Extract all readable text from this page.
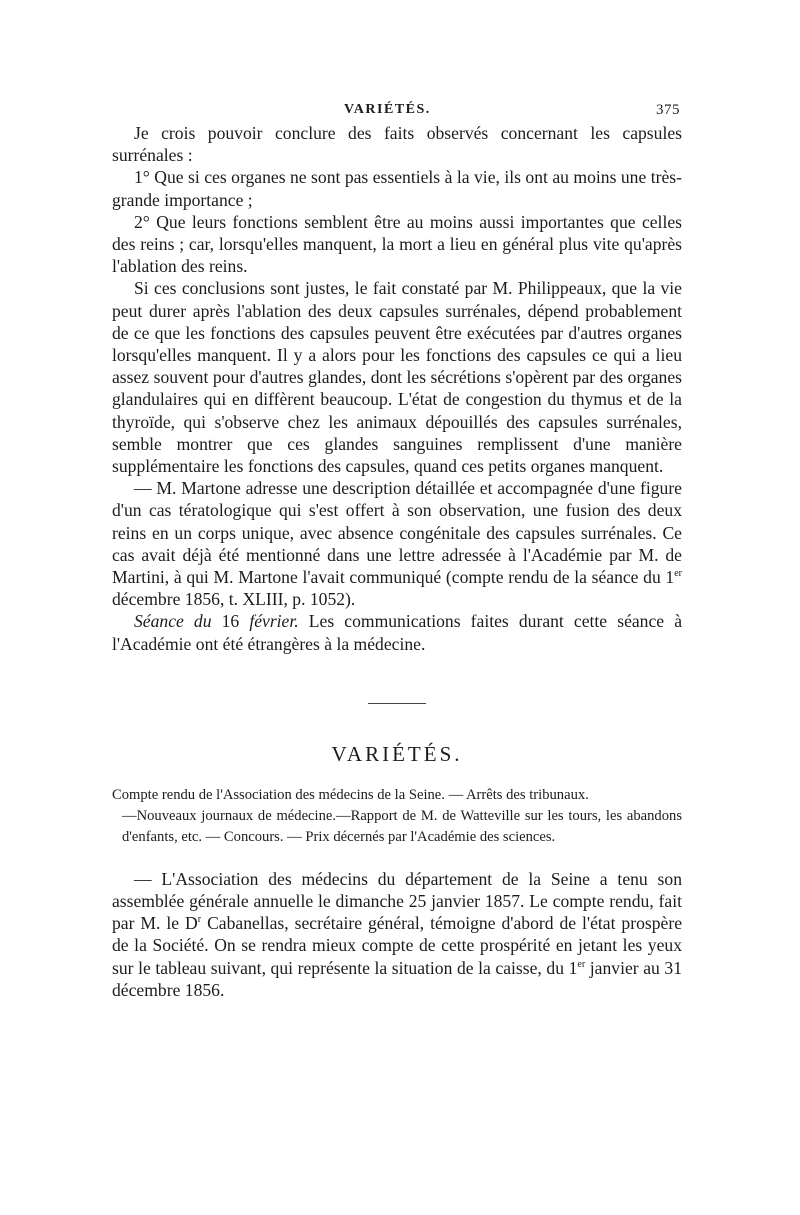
VARIÉTÉS.	375

Je crois pouvoir conclure des faits observés concernant les capsules surrénales :

1° Que si ces organes ne sont pas essentiels à la vie, ils ont au moins une très-grande importance ;

2° Que leurs fonctions semblent être au moins aussi importantes que celles des reins ; car, lorsqu'elles manquent, la mort a lieu en général plus vite qu'après l'ablation des reins.

Si ces conclusions sont justes, le fait constaté par M. Philippeaux, que la vie peut durer après l'ablation des deux capsules surrénales, dépend probablement de ce que les fonctions des capsules peuvent être exécutées par d'autres organes lorsqu'elles manquent. Il y a alors pour les fonctions des capsules ce qui a lieu assez souvent pour d'autres glandes, dont les sécrétions s'opèrent par des organes glandulaires qui en diffèrent beaucoup. L'état de congestion du thymus et de la thyroïde, qui s'observe chez les animaux dépouillés des capsules surrénales, semble montrer que ces glandes sanguines remplissent d'une manière supplémentaire les fonctions des capsules, quand ces petits organes manquent.

— M. Martone adresse une description détaillée et accompagnée d'une figure d'un cas tératologique qui s'est offert à son observation, une fusion des deux reins en un corps unique, avec absence congénitale des capsules surrénales. Ce cas avait déjà été mentionné dans une lettre adressée à l'Académie par M. de Martini, à qui M. Martone l'avait communiqué (compte rendu de la séance du 1er décembre 1856, t. XLIII, p. 1052).

Séance du 16 février. Les communications faites durant cette séance à l'Académie ont été étrangères à la médecine.

VARIÉTÉS.
Compte rendu de l'Association des médecins de la Seine. — Arrêts des tribunaux.
—Nouveaux journaux de médecine.—Rapport de M. de Watteville sur les tours, les abandons d'enfants, etc. — Concours. — Prix décernés par l'Académie des sciences.

— L'Association des médecins du département de la Seine a tenu son assemblée générale annuelle le dimanche 25 janvier 1857. Le compte rendu, fait par M. le $D^r$ Cabanellas, secrétaire général, témoigne d'abord de l'état prospère de la Société. On se rendra mieux compte de cette prospérité en jetant les yeux sur le tableau suivant, qui représente la situation de la caisse, du 1er janvier au 31 décembre 1856.
